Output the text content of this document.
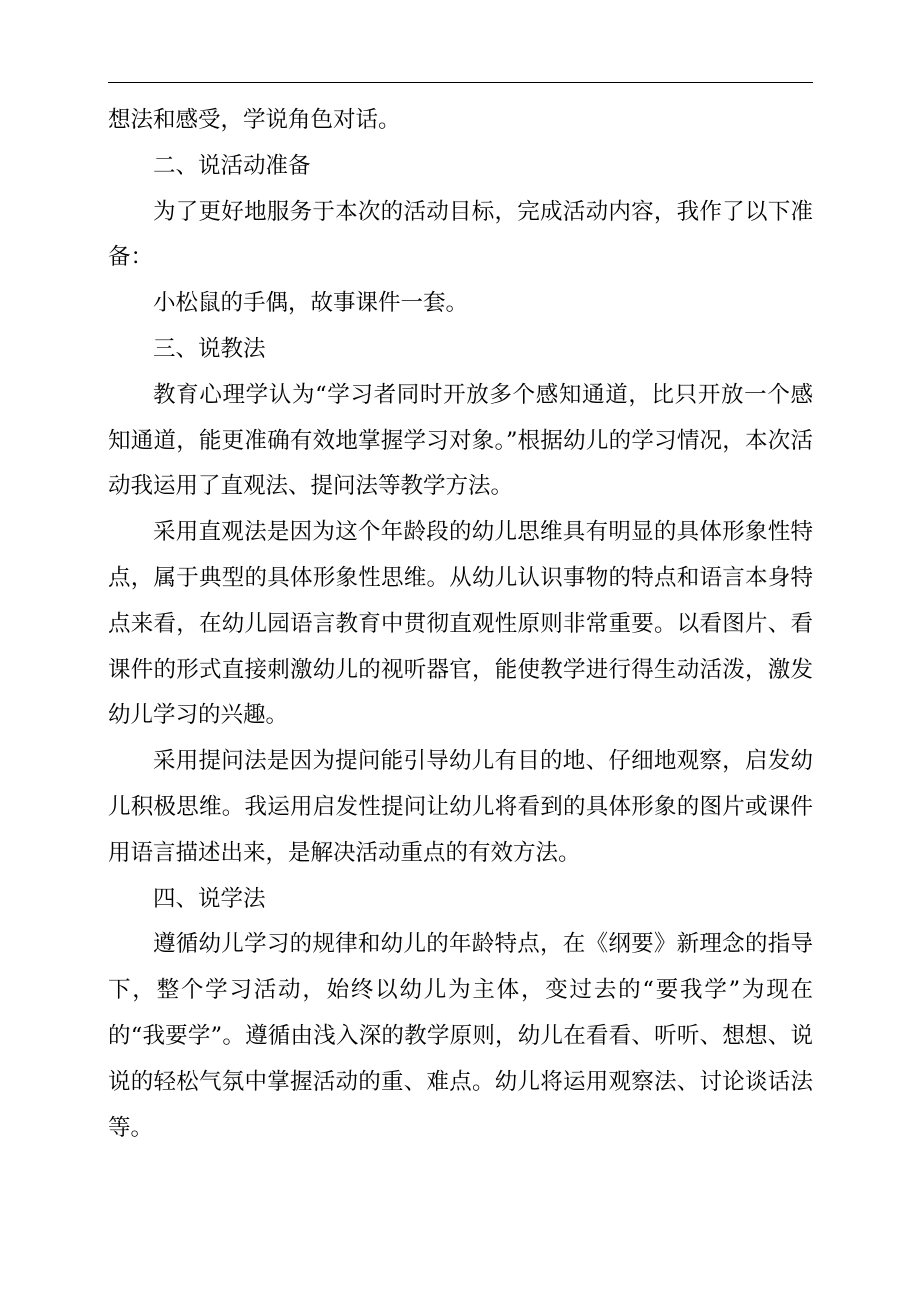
想法和感受，学说角色对话。

二、说活动准备

为了更好地服务于本次的活动目标，完成活动内容，我作了以下准备：

小松鼠的手偶，故事课件一套。

三、说教法

教育心理学认为“学习者同时开放多个感知通道，比只开放一个感知通道，能更准确有效地掌握学习对象。”根据幼儿的学习情况，本次活动我运用了直观法、提问法等教学方法。

采用直观法是因为这个年龄段的幼儿思维具有明显的具体形象性特点，属于典型的具体形象性思维。从幼儿认识事物的特点和语言本身特点来看，在幼儿园语言教育中贯彻直观性原则非常重要。以看图片、看课件的形式直接刺激幼儿的视听器官，能使教学进行得生动活泼，激发幼儿学习的兴趣。

采用提问法是因为提问能引导幼儿有目的地、仔细地观察，启发幼儿积极思维。我运用启发性提问让幼儿将看到的具体形象的图片或课件用语言描述出来，是解决活动重点的有效方法。

四、说学法

遵循幼儿学习的规律和幼儿的年龄特点，在《纲要》新理念的指导下，整个学习活动，始终以幼儿为主体，变过去的“要我学”为现在的“我要学”。遵循由浅入深的教学原则，幼儿在看看、听听、想想、说说的轻松气氛中掌握活动的重、难点。幼儿将运用观察法、讨论谈话法等。
